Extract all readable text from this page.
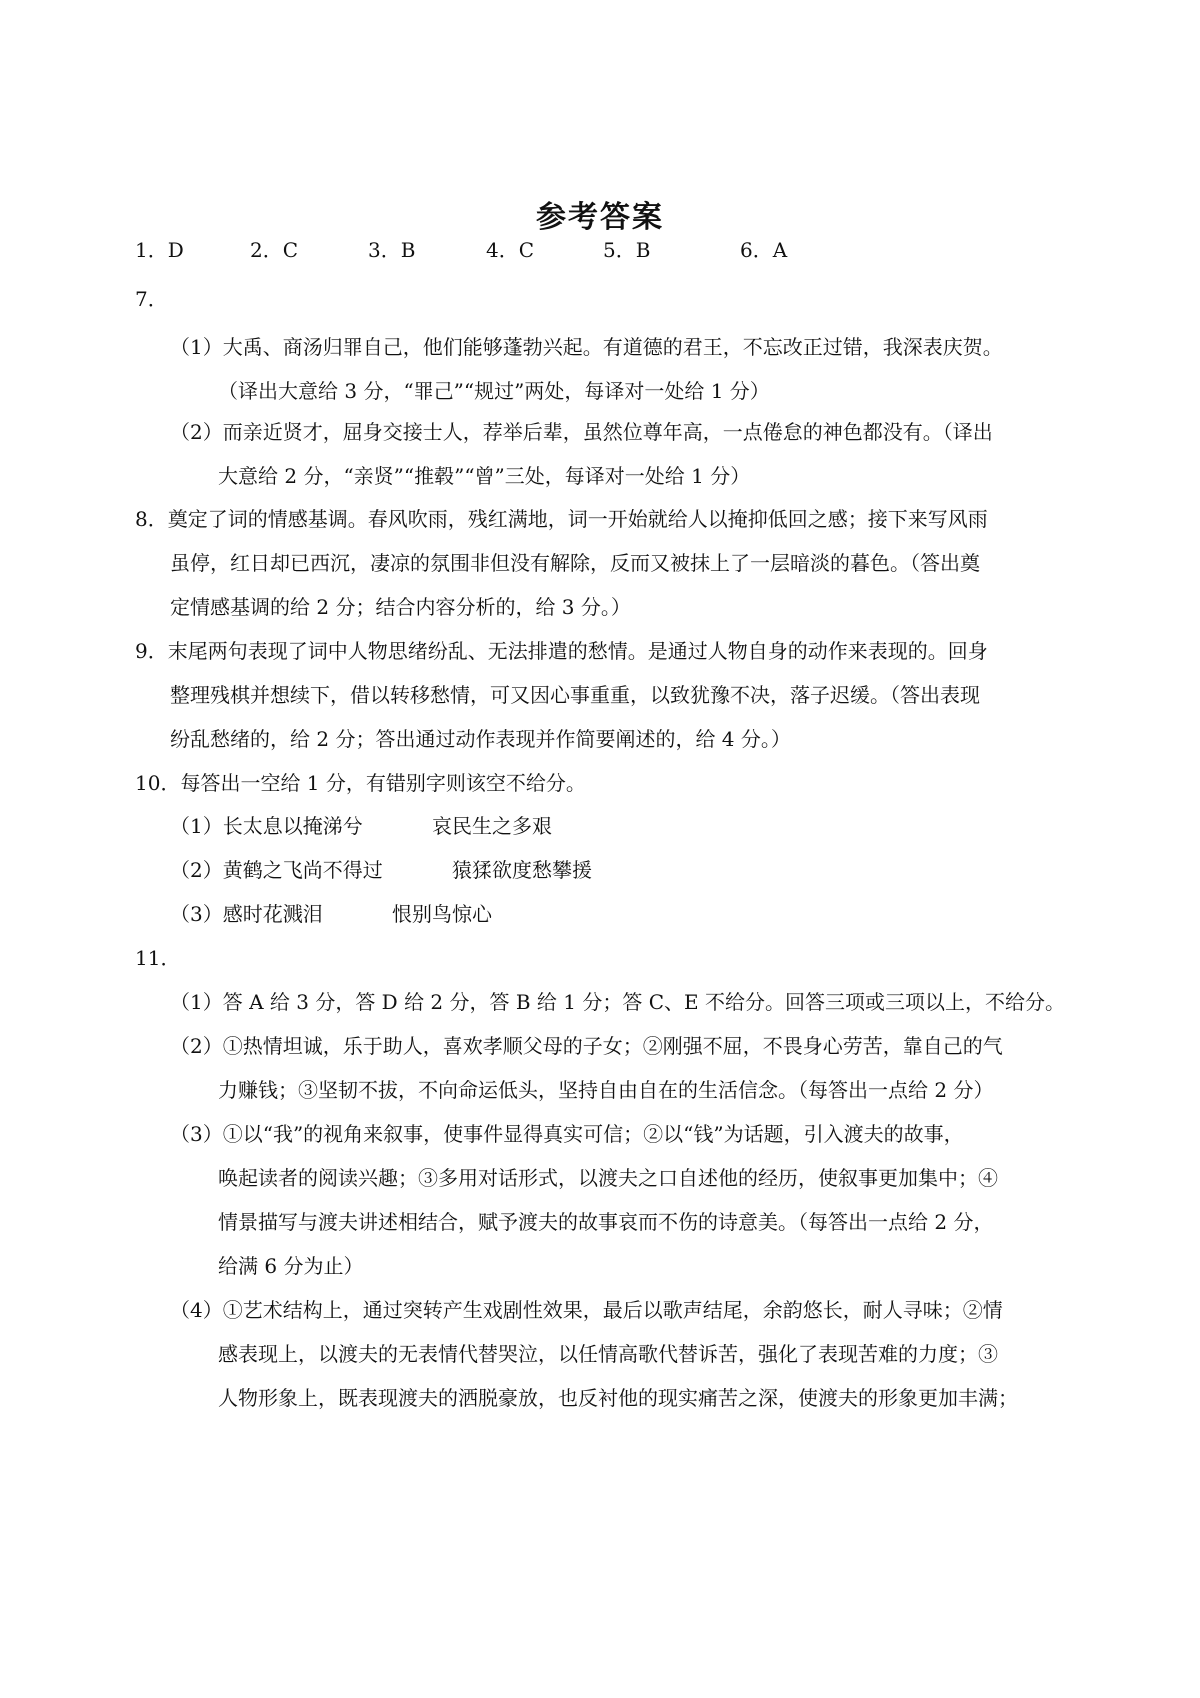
参考答案
1．D	2．C	3．B	4．C	5．B	6．A
7．
（1）大禹、商汤归罪自己，他们能够蓬勃兴起。有道德的君王，不忘改正过错，我深表庆贺。
（译出大意给 3 分，“罪己”“规过”两处，每译对一处给 1 分）
（2）而亲近贤才，屈身交接士人，荐举后辈，虽然位尊年高，一点倦怠的神色都没有。（译出
大意给 2 分，“亲贤”“推毂”“曾”三处，每译对一处给 1 分）
8．奠定了词的情感基调。春风吹雨，残红满地，词一开始就给人以掩抑低回之感；接下来写风雨
虽停，红日却已西沉，凄凉的氛围非但没有解除，反而又被抹上了一层暗淡的暮色。（答出奠
定情感基调的给 2 分；结合内容分析的，给 3 分。）
9．末尾两句表现了词中人物思绪纷乱、无法排遣的愁情。是通过人物自身的动作来表现的。回身
整理残棋并想续下，借以转移愁情，可又因心事重重，以致犹豫不决，落子迟缓。（答出表现
纷乱愁绪的，给 2 分；答出通过动作表现并作简要阐述的，给 4 分。）
10．每答出一空给 1 分，有错别字则该空不给分。
（1）长太息以掩涕兮	哀民生之多艰
（2）黄鹤之飞尚不得过	猿猱欲度愁攀援
（3）感时花溅泪	恨别鸟惊心
11．
（1）答 A 给 3 分，答 D 给 2 分，答 B 给 1 分；答 C、E 不给分。回答三项或三项以上，不给分。
（2）①热情坦诚，乐于助人，喜欢孝顺父母的子女；②刚强不屈，不畏身心劳苦，靠自己的气
力赚钱；③坚韧不拔，不向命运低头，坚持自由自在的生活信念。（每答出一点给 2 分）
（3）①以“我”的视角来叙事，使事件显得真实可信；②以“钱”为话题，引入渡夫的故事，
唤起读者的阅读兴趣；③多用对话形式，以渡夫之口自述他的经历，使叙事更加集中；④
情景描写与渡夫讲述相结合，赋予渡夫的故事哀而不伤的诗意美。（每答出一点给 2 分，
给满 6 分为止）
（4）①艺术结构上，通过突转产生戏剧性效果，最后以歌声结尾，余韵悠长，耐人寻味；②情
感表现上，以渡夫的无表情代替哭泣，以任情高歌代替诉苦，强化了表现苦难的力度；③
人物形象上，既表现渡夫的洒脱豪放，也反衬他的现实痛苦之深，使渡夫的形象更加丰满；
